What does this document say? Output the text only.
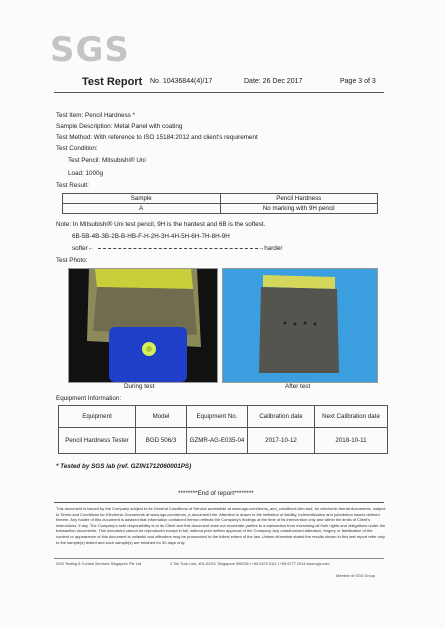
SGS
Test Report No. 10436844(4)/17	Date: 26 Dec 2017	Page 3 of 3
Test Item: Pencil Hardness *
Sample Description: Metal Panel with coating
Test Method: With reference to ISO 15184:2012 and client's requirement
Test Condition:
Test Pencil: Mitsubishi® Uni
Load: 1000g
Test Result:
Sample	Pencil Hardness
A	No marking with 9H pencil
Note: In Mitsubishi® Uni test pencil, 9H is the hardest and 6B is the softest.
6B-5B-4B-3B-2B-B-HB-F-H-2H-3H-4H-5H-6H-7H-8H-9H
softer←	→harder
Test Photo:
During test	After test
Equipment Information:
Equipment	Model	Equipment No.	Calibration date	Next Calibration date
Pencil Hardness Tester	BGD 506/3	GZMR-AG-E035-04	2017-10-12	2018-10-11
* Tested by SGS lab (ref. GZIN1712060001PS)
********End of report********
This document is issued by the Company subject to its General Conditions of Service accessible at www.sgs.com/terms_and_conditions.htm and, for electronic format documents, subject to Terms and Conditions for Electronic Documents at www.sgs.com/terms_e-document.htm. Attention is drawn to the limitation of liability, indemnification and jurisdiction issues defined therein. Any holder of this document is advised that information contained hereon reflects the Company's findings at the time of its intervention only and within the limits of Client's instructions, if any. The Company's sole responsibility is to its Client and this document does not exonerate parties to a transaction from exercising all their rights and obligations under the transaction documents. This document cannot be reproduced except in full, without prior written approval of the Company. Any unauthorized alteration, forgery or falsification of the content or appearance of this document is unlawful and offenders may be prosecuted to the fullest extent of the law. Unless otherwise stated the results shown in this test report refer only to the sample(s) tested and such sample(s) are retained for 30 days only.
SGS Testing & Control Services Singapore Pte Ltd	3 Toh Tuck Link, #01-02/03, Singapore 596228 t +65 6379 0111 f +65 6777 2914 www.sgs.com
Member of SGS Group
